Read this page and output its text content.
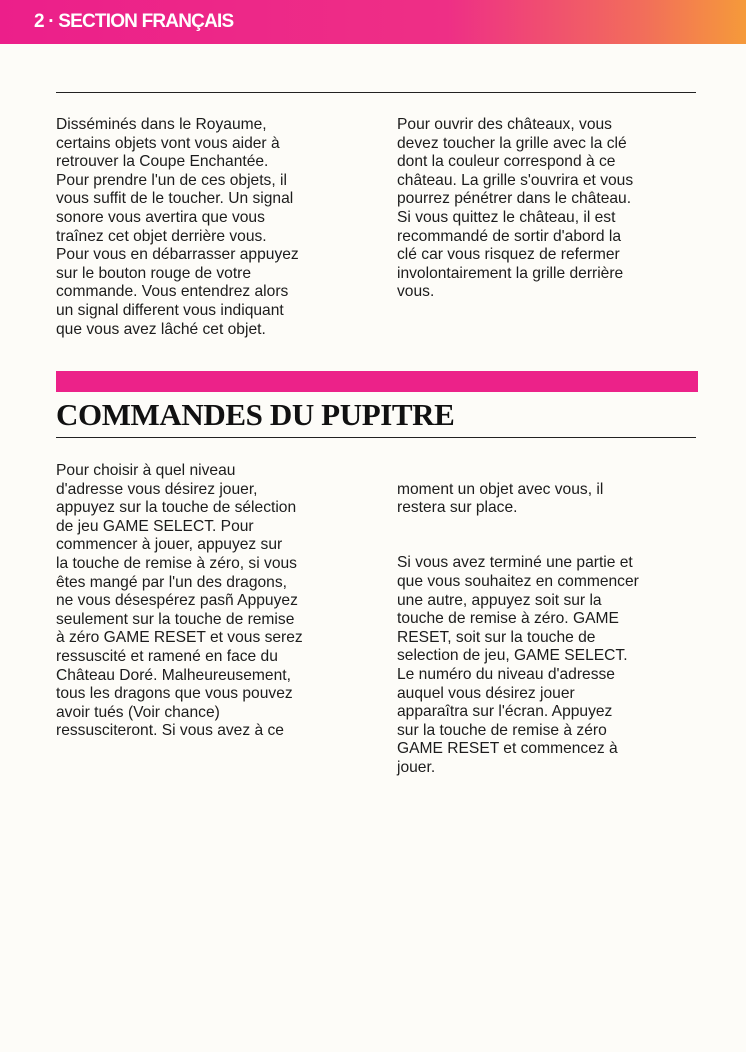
2 · SECTION FRANÇAIS

Disséminés dans le Royaume,
certains objets vont vous aider à
retrouver la Coupe Enchantée.
Pour prendre l'un de ces objets, il
vous suffit de le toucher. Un signal
sonore vous avertira que vous
traînez cet objet derrière vous.
Pour vous en débarrasser appuyez
sur le bouton rouge de votre
commande. Vous entendrez alors
un signal different vous indiquant
que vous avez lâché cet objet.

Pour ouvrir des châteaux, vous
devez toucher la grille avec la clé
dont la couleur correspond à ce
château. La grille s'ouvrira et vous
pourrez pénétrer dans le château.
Si vous quittez le château, il est
recommandé de sortir d'abord la
clé car vous risquez de refermer
involontairement la grille derrière
vous.

COMMANDES DU PUPITRE

Pour choisir à quel niveau
d'adresse vous désirez jouer,
appuyez sur la touche de sélection
de jeu GAME SELECT. Pour
commencer à jouer, appuyez sur
la touche de remise à zéro, si vous
êtes mangé par l'un des dragons,
ne vous désespérez pasñ Appuyez
seulement sur la touche de remise
à zéro GAME RESET et vous serez
ressuscité et ramené en face du
Château Doré. Malheureusement,
tous les dragons que vous pouvez
avoir tués (Voir chance)
ressusciteront. Si vous avez à ce

moment un objet avec vous, il
restera sur place.

Si vous avez terminé une partie et
que vous souhaitez en commencer
une autre, appuyez soit sur la
touche de remise à zéro. GAME
RESET, soit sur la touche de
selection de jeu, GAME SELECT.
Le numéro du niveau d'adresse
auquel vous désirez jouer
apparaîtra sur l'écran. Appuyez
sur la touche de remise à zéro
GAME RESET et commencez à
jouer.
